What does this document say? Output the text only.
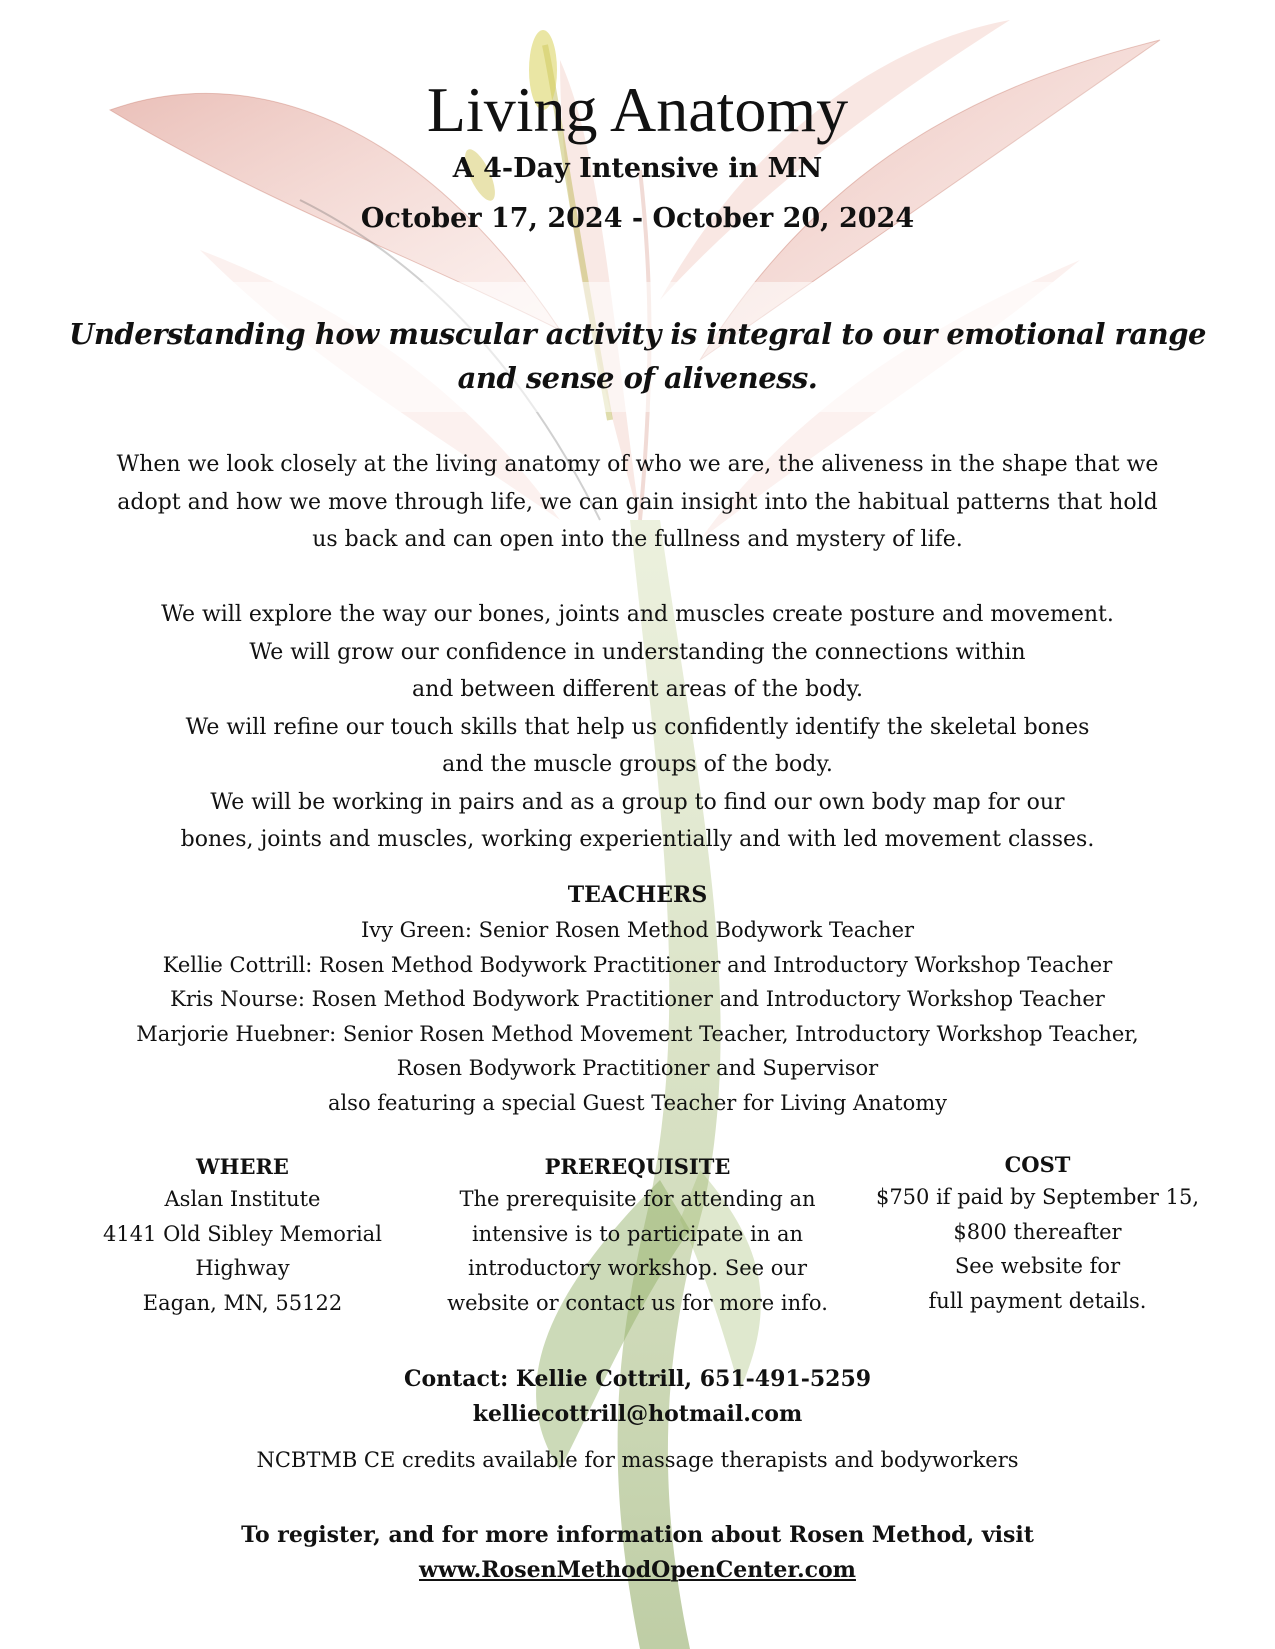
Living Anatomy
A 4-Day Intensive in MN
October 17, 2024 - October 20, 2024
Understanding how muscular activity is integral to our emotional range
and sense of aliveness.
When we look closely at the living anatomy of who we are, the aliveness in the shape that we
adopt and how we move through life, we can gain insight into the habitual patterns that hold
us back and can open into the fullness and mystery of life.
We will explore the way our bones, joints and muscles create posture and movement.
We will grow our confidence in understanding the connections within
and between different areas of the body.
We will refine our touch skills that help us confidently identify the skeletal bones
and the muscle groups of the body.
We will be working in pairs and as a group to find our own body map for our
bones, joints and muscles, working experientially and with led movement classes.
TEACHERS
Ivy Green: Senior Rosen Method Bodywork Teacher
Kellie Cottrill: Rosen Method Bodywork Practitioner and Introductory Workshop Teacher
Kris Nourse: Rosen Method Bodywork Practitioner and Introductory Workshop Teacher
Marjorie Huebner: Senior Rosen Method Movement Teacher, Introductory Workshop Teacher,
Rosen Bodywork Practitioner and Supervisor
also featuring a special Guest Teacher for Living Anatomy
WHERE
Aslan Institute
4141 Old Sibley Memorial
Highway
Eagan, MN, 55122
PREREQUISITE
The prerequisite for attending an
intensive is to participate in an
introductory workshop. See our
website or contact us for more info.
COST
$750 if paid by September 15,
$800 thereafter
See website for
full payment details.
Contact: Kellie Cottrill, 651-491-5259
kelliecottrill@hotmail.com
NCBTMB CE credits available for massage therapists and bodyworkers
To register, and for more information about Rosen Method, visit
www.RosenMethodOpenCenter.com
